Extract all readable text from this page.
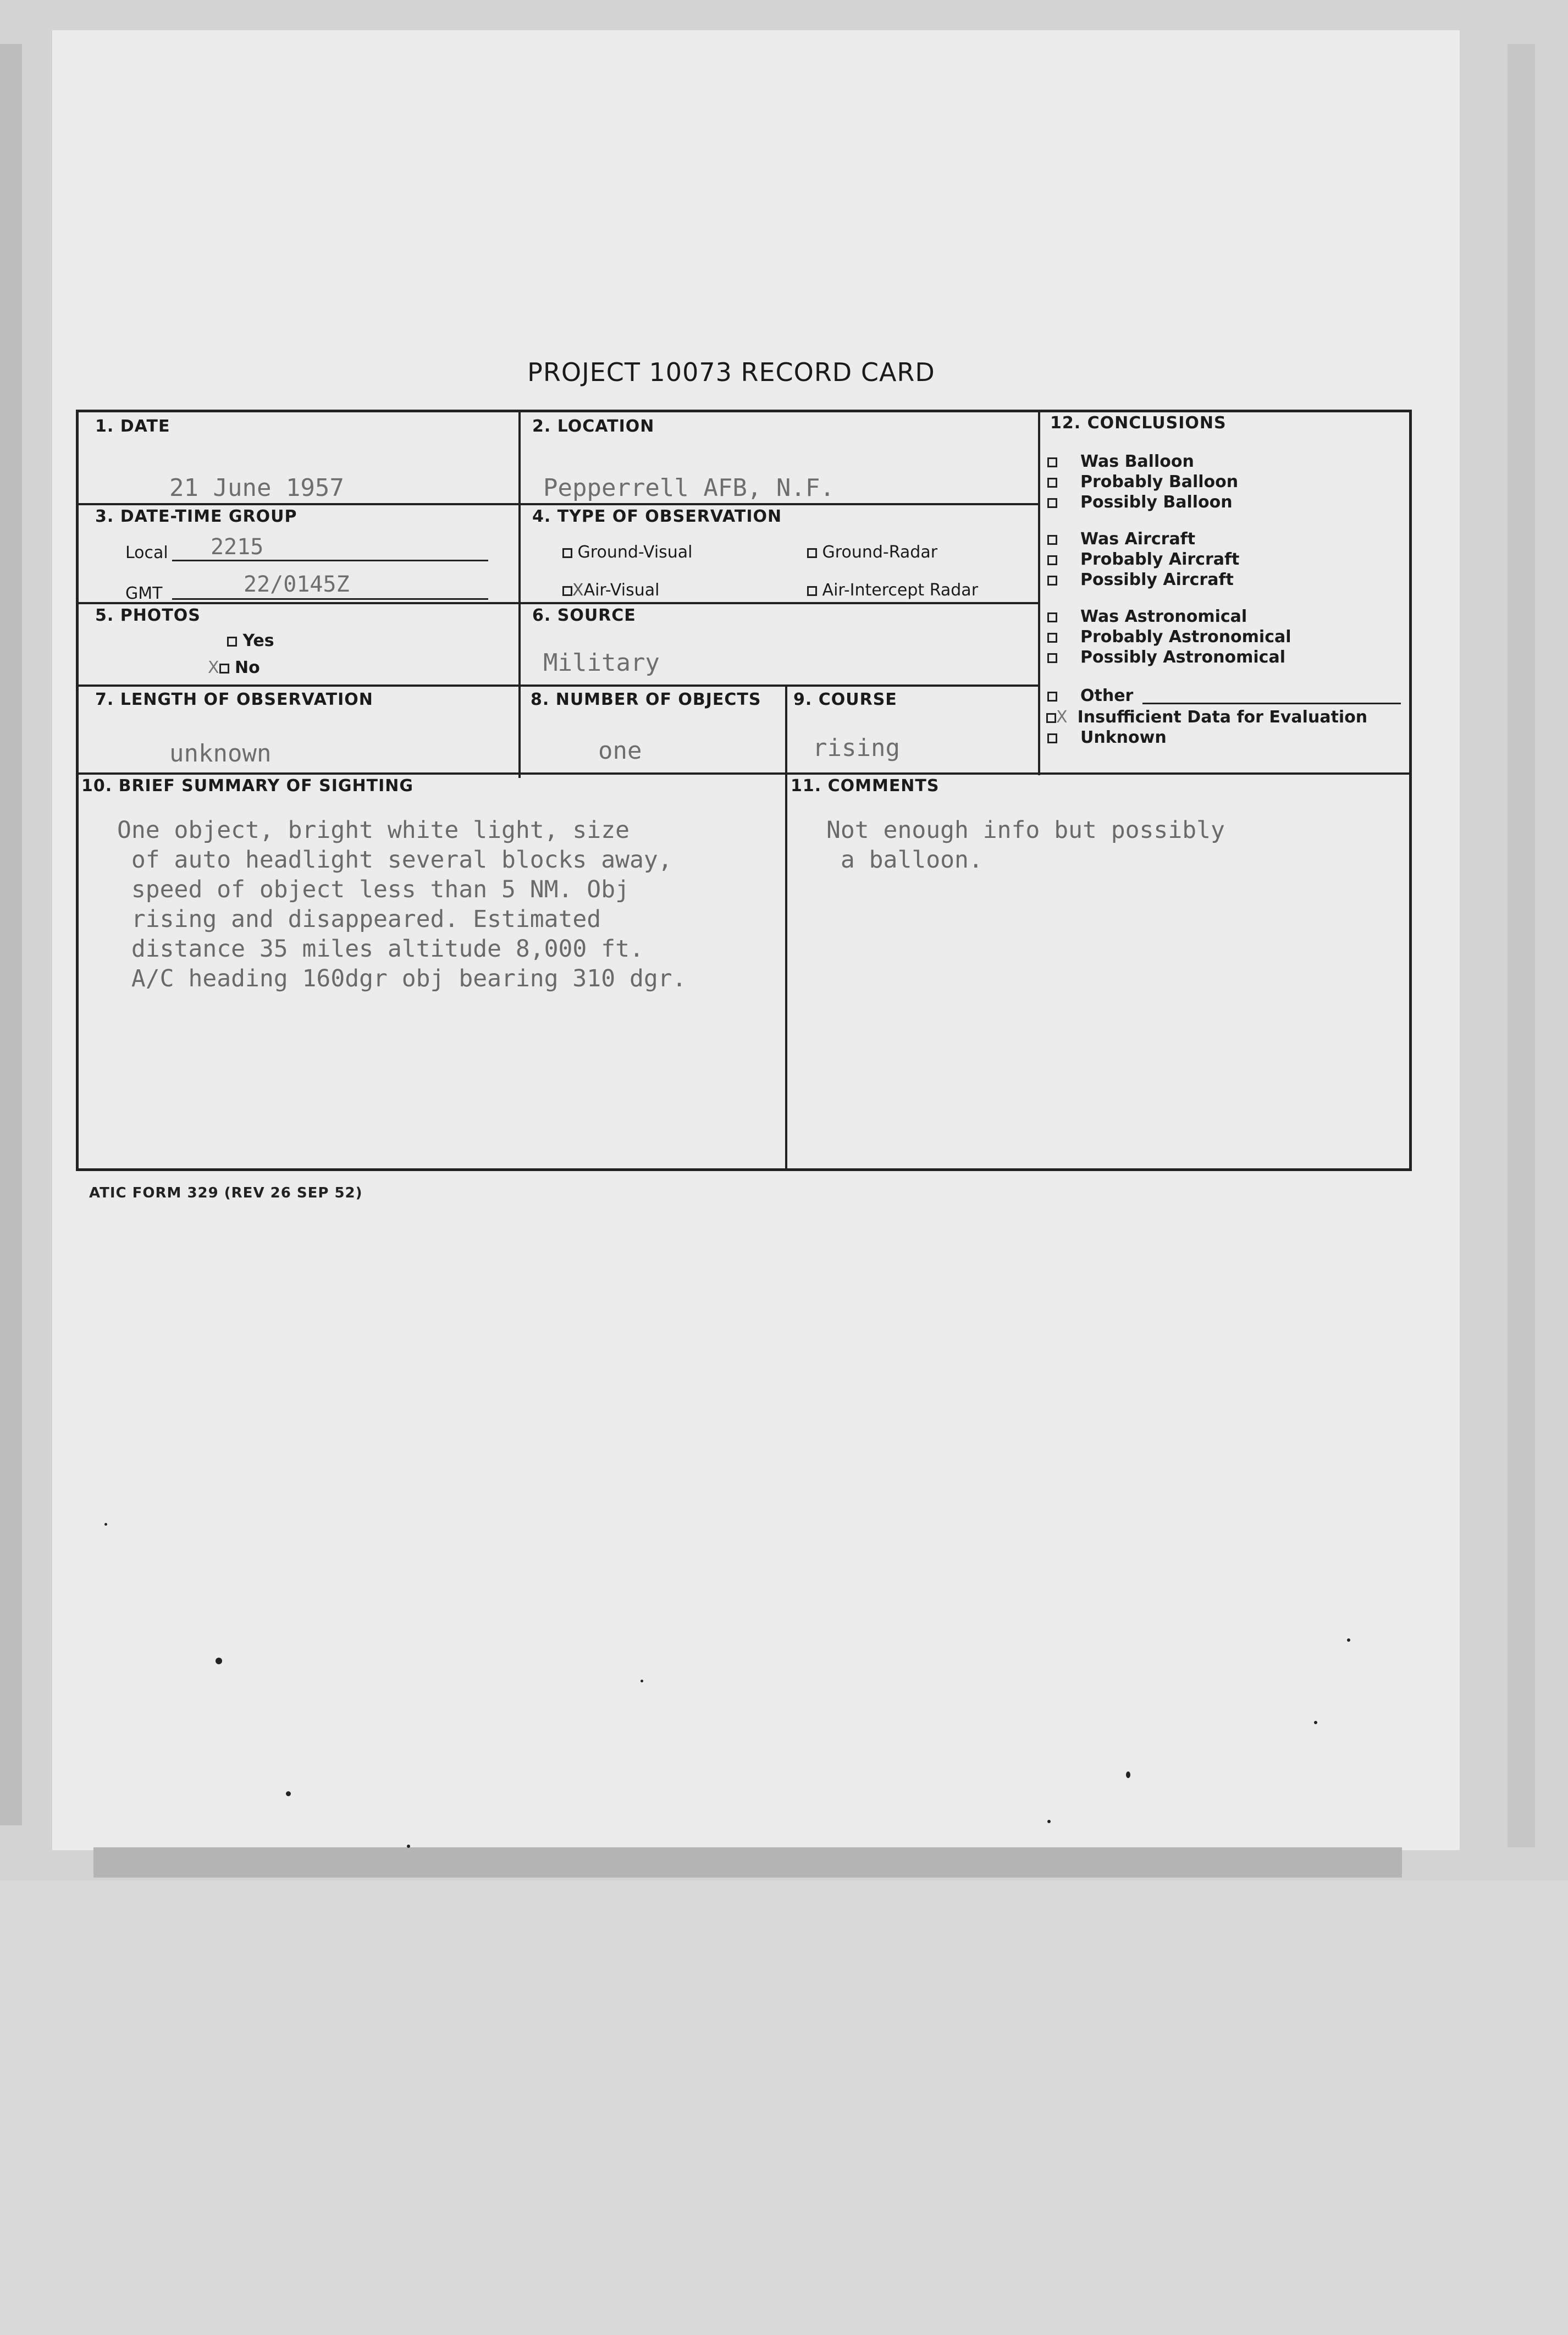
PROJECT 10073 RECORD CARD
1. DATE
21 June 1957
2. LOCATION
Pepperrell AFB, N.F.
3. DATE-TIME GROUP
Local 2215
GMT	22/0145Z
4. TYPE OF OBSERVATION
Ground-Visual	Ground-Radar
XAir-Visual	Air-Intercept Radar
5. PHOTOS
Yes
X No
6. SOURCE
Military
7. LENGTH OF OBSERVATION
unknown
8. NUMBER OF OBJECTS
one
9. COURSE
rising
10. BRIEF SUMMARY OF SIGHTING
One object, bright white light, size
of auto headlight several blocks away,
speed of object less than 5 NM. Obj
rising and disappeared. Estimated
distance 35 miles altitude 8,000 ft.
A/C heading 160dgr obj bearing 310 dgr.
11. COMMENTS
Not enough info but possibly
a balloon.
12. CONCLUSIONS
Was Balloon
Probably Balloon
Possibly Balloon
Was Aircraft
Probably Aircraft
Possibly Aircraft
Was Astronomical
Probably Astronomical
Possibly Astronomical
Other
X Insufficient Data for Evaluation
Unknown
ATIC FORM 329 (REV 26 SEP 52)
